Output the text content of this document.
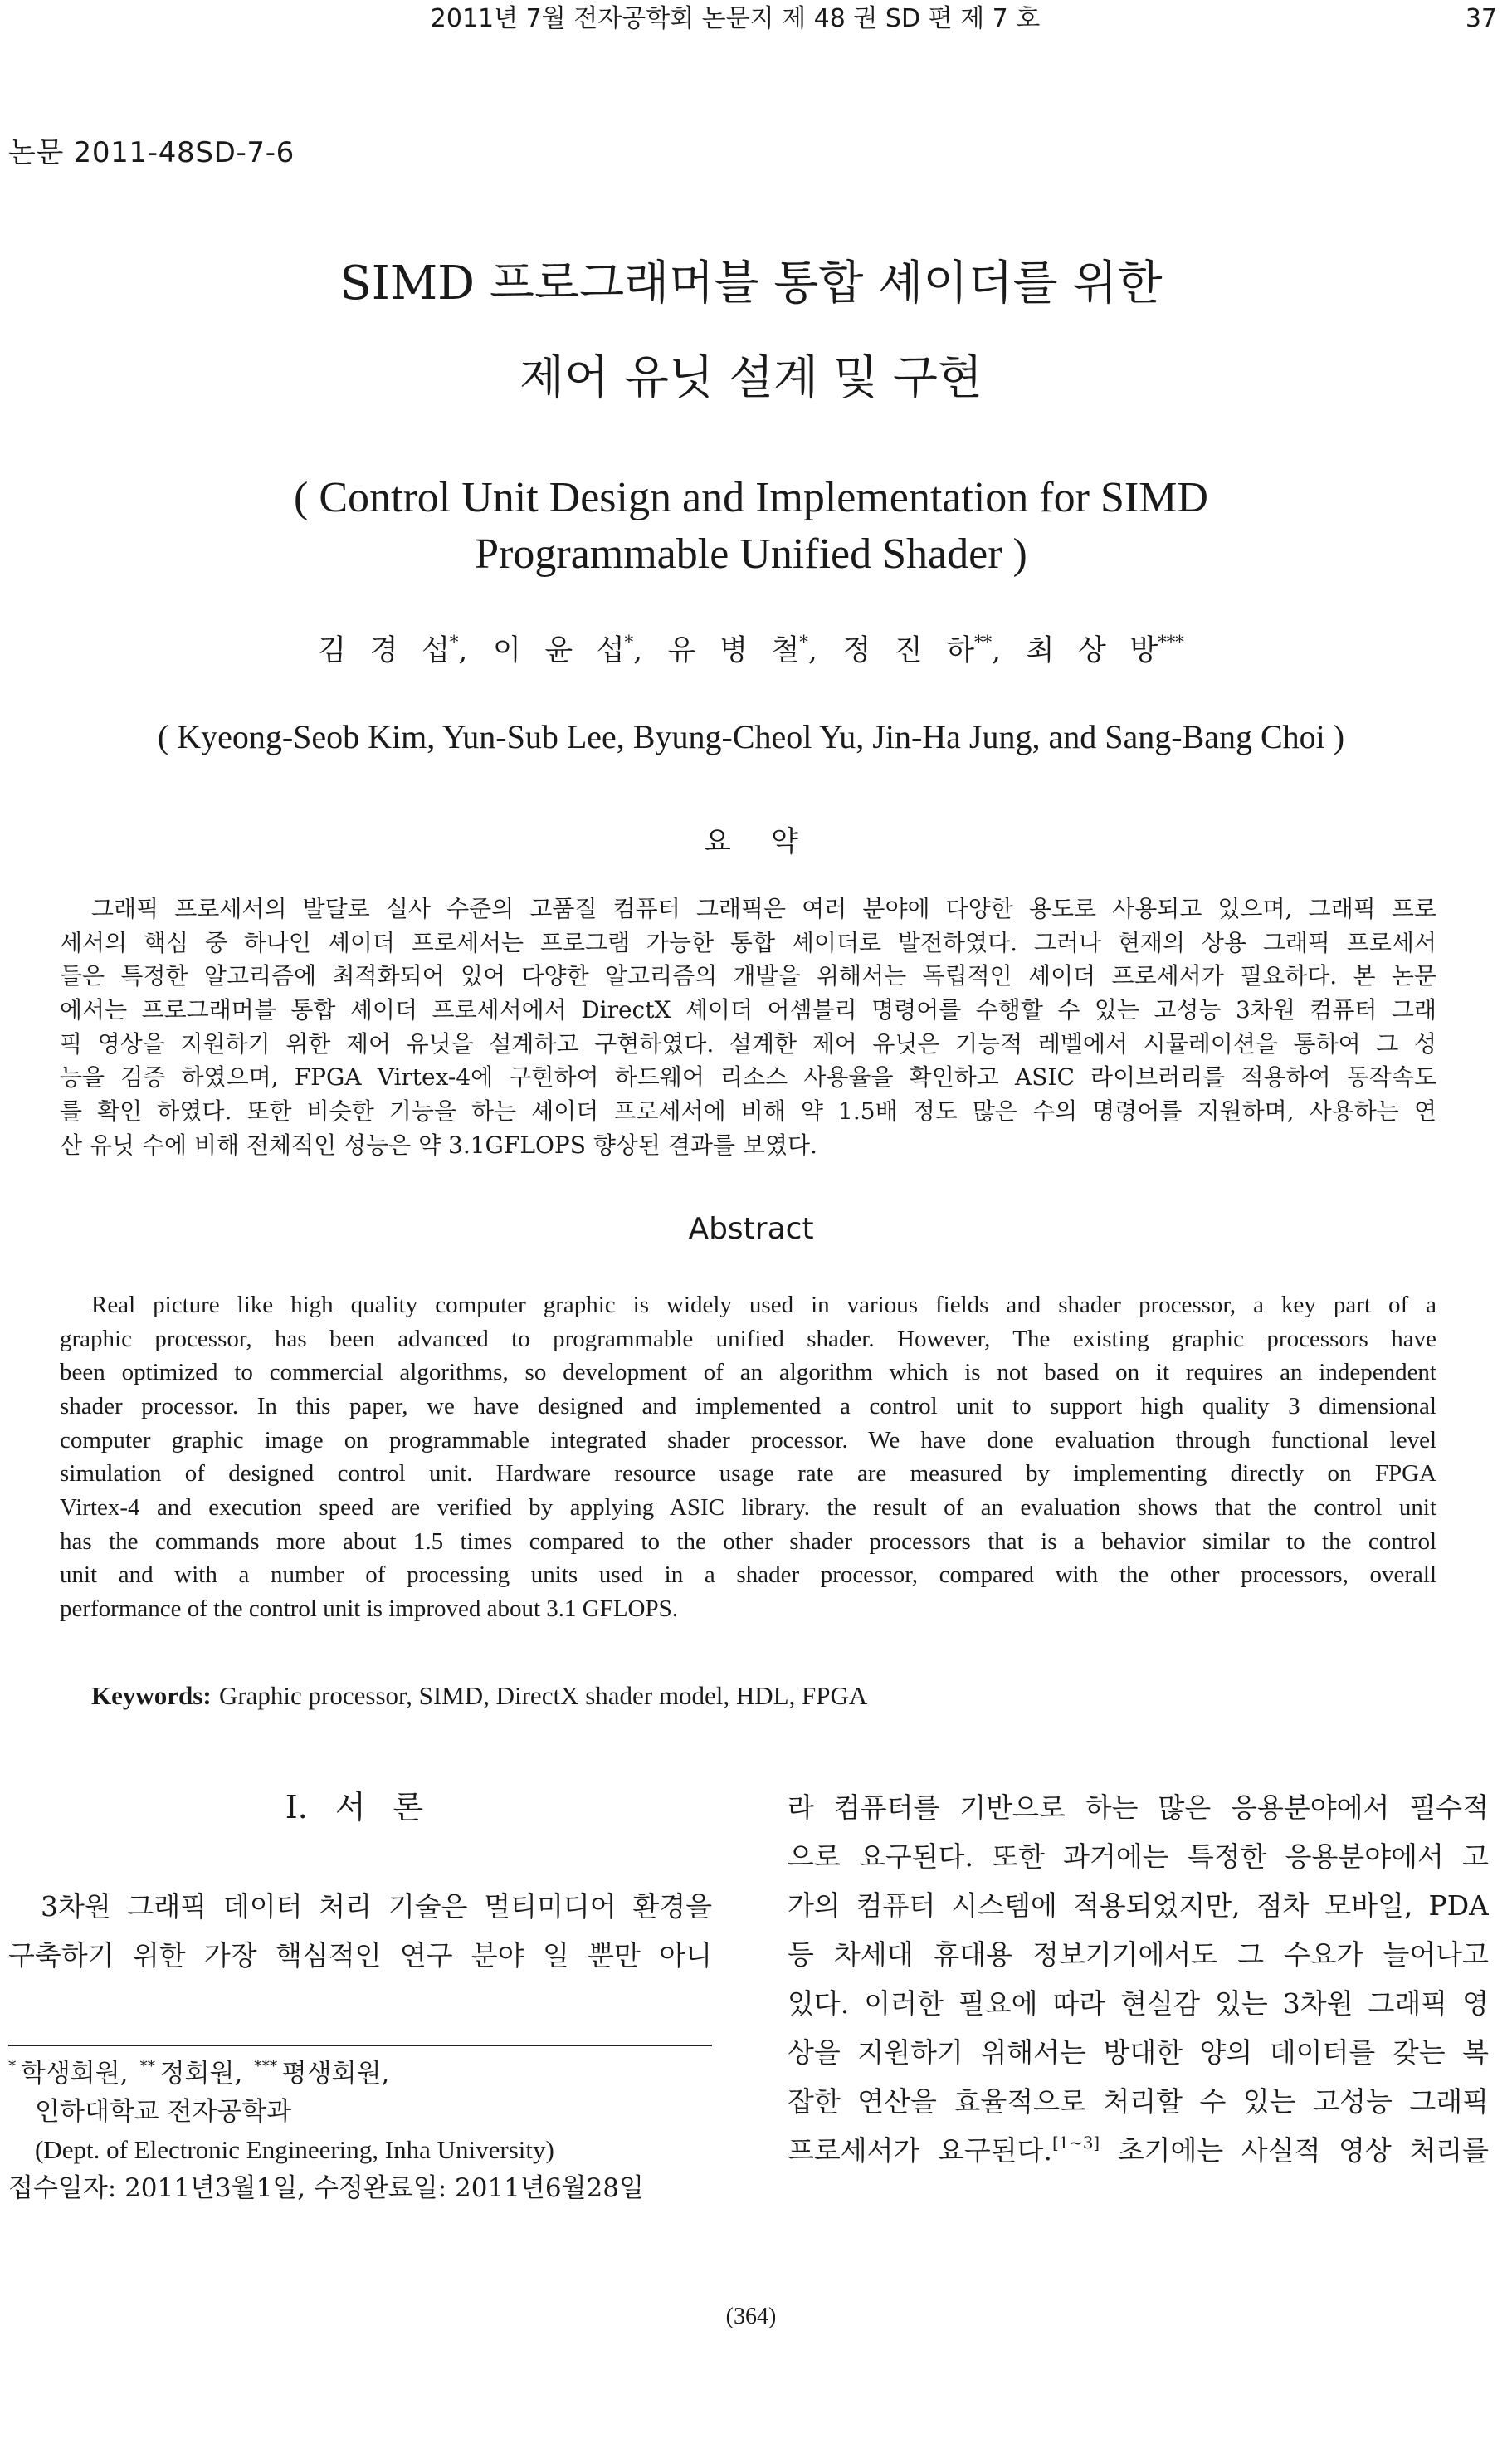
2011년 7월 전자공학회 논문지 제 48 권 SD 편 제 7 호	37
논문 2011-48SD-7-6
SIMD 프로그래머블 통합 셰이더를 위한
제어 유닛 설계 및 구현
( Control Unit Design and Implementation for SIMD
Programmable Unified Shader )
김 경 섭*, 이 윤 섭*, 유 병 철*, 정 진 하**, 최 상 방***
( Kyeong-Seob Kim, Yun-Sub Lee, Byung-Cheol Yu, Jin-Ha Jung, and Sang-Bang Choi )
요 약
그래픽 프로세서의 발달로 실사 수준의 고품질 컴퓨터 그래픽은 여러 분야에 다양한 용도로 사용되고 있으며, 그래픽 프로
세서의 핵심 중 하나인 셰이더 프로세서는 프로그램 가능한 통합 셰이더로 발전하였다. 그러나 현재의 상용 그래픽 프로세서
들은 특정한 알고리즘에 최적화되어 있어 다양한 알고리즘의 개발을 위해서는 독립적인 셰이더 프로세서가 필요하다. 본 논문
에서는 프로그래머블 통합 셰이더 프로세서에서 DirectX 셰이더 어셈블리 명령어를 수행할 수 있는 고성능 3차원 컴퓨터 그래
픽 영상을 지원하기 위한 제어 유닛을 설계하고 구현하였다. 설계한 제어 유닛은 기능적 레벨에서 시뮬레이션을 통하여 그 성
능을 검증 하였으며, FPGA Virtex-4에 구현하여 하드웨어 리소스 사용율을 확인하고 ASIC 라이브러리를 적용하여 동작속도
를 확인 하였다. 또한 비슷한 기능을 하는 셰이더 프로세서에 비해 약 1.5배 정도 많은 수의 명령어를 지원하며, 사용하는 연
산 유닛 수에 비해 전체적인 성능은 약 3.1GFLOPS 향상된 결과를 보였다.
Abstract
Real picture like high quality computer graphic is widely used in various fields and shader processor, a key part of a
graphic processor, has been advanced to programmable unified shader. However, The existing graphic processors have
been optimized to commercial algorithms, so development of an algorithm which is not based on it requires an independent
shader processor. In this paper, we have designed and implemented a control unit to support high quality 3 dimensional
computer graphic image on programmable integrated shader processor. We have done evaluation through functional level
simulation of designed control unit. Hardware resource usage rate are measured by implementing directly on FPGA
Virtex-4 and execution speed are verified by applying ASIC library. the result of an evaluation shows that the control unit
has the commands more about 1.5 times compared to the other shader processors that is a behavior similar to the control
unit and with a number of processing units used in a shader processor, compared with the other processors, overall
performance of the control unit is improved about 3.1 GFLOPS.
Keywords: Graphic processor, SIMD, DirectX shader model, HDL, FPGA
Ⅰ. 서 론
3차원 그래픽 데이터 처리 기술은 멀티미디어 환경을
구축하기 위한 가장 핵심적인 연구 분야 일 뿐만 아니
라 컴퓨터를 기반으로 하는 많은 응용분야에서 필수적
으로 요구된다. 또한 과거에는 특정한 응용분야에서 고
가의 컴퓨터 시스템에 적용되었지만, 점차 모바일, PDA
등 차세대 휴대용 정보기기에서도 그 수요가 늘어나고
있다. 이러한 필요에 따라 현실감 있는 3차원 그래픽 영
상을 지원하기 위해서는 방대한 양의 데이터를 갖는 복
잡한 연산을 효율적으로 처리할 수 있는 고성능 그래픽
프로세서가 요구된다.[1~3] 초기에는 사실적 영상 처리를
* 학생회원, ** 정회원, *** 평생회원,
인하대학교 전자공학과
(Dept. of Electronic Engineering, Inha University)
접수일자: 2011년3월1일, 수정완료일: 2011년6월28일
(364)
